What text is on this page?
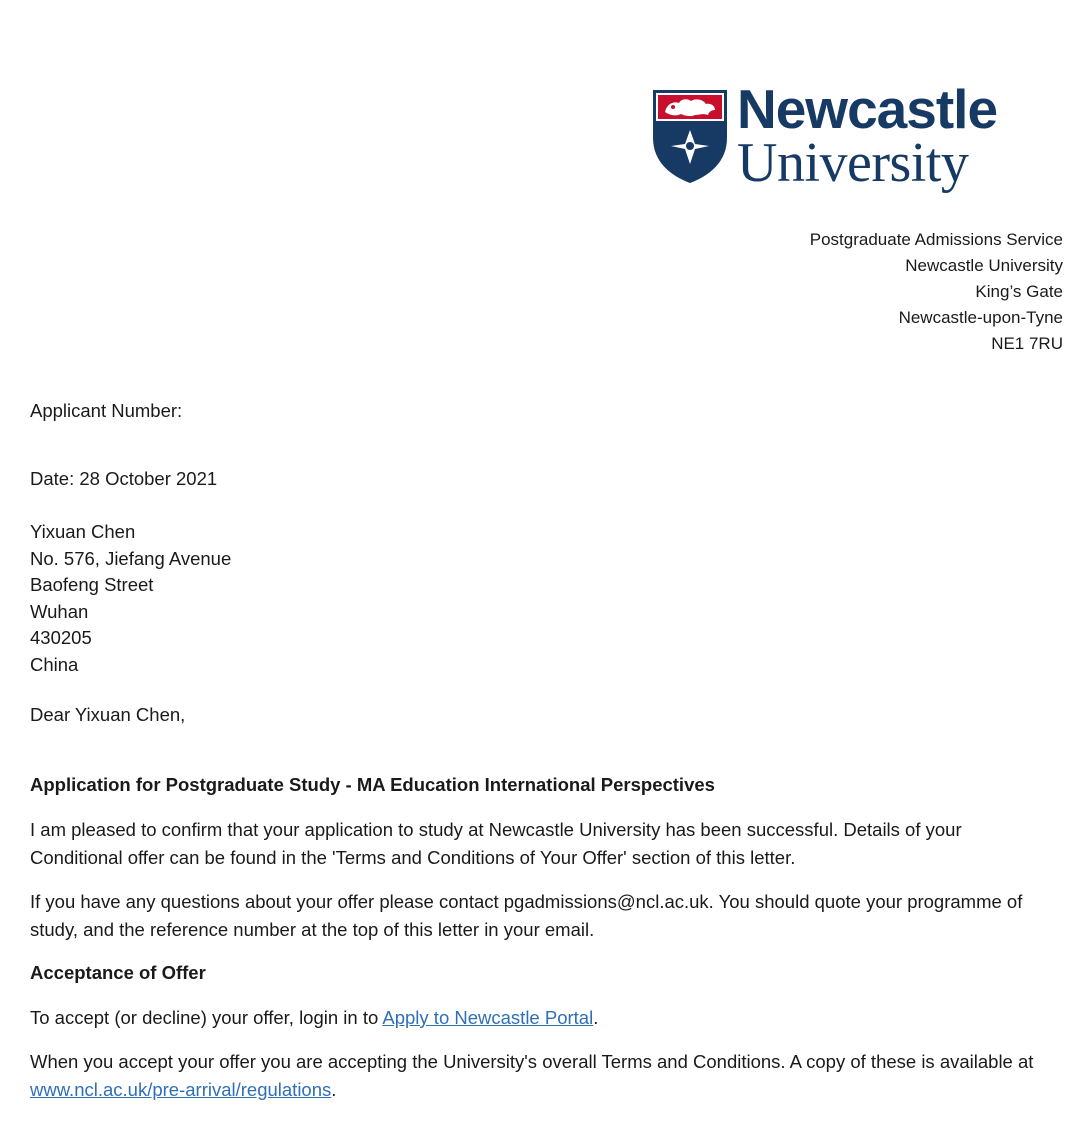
Newcastle
University
Postgraduate Admissions Service
Newcastle University
King’s Gate
Newcastle-upon-Tyne
NE1 7RU
Applicant Number:
Date: 28 October 2021
Yixuan Chen
No. 576, Jiefang Avenue
Baofeng Street
Wuhan
430205
China
Dear Yixuan Chen,
Application for Postgraduate Study - MA Education International Perspectives
I am pleased to confirm that your application to study at Newcastle University has been successful. Details of your Conditional offer can be found in the 'Terms and Conditions of Your Offer' section of this letter.
If you have any questions about your offer please contact pgadmissions@ncl.ac.uk. You should quote your programme of study, and the reference number at the top of this letter in your email.
Acceptance of Offer
To accept (or decline) your offer, login in to Apply to Newcastle Portal.
When you accept your offer you are accepting the University's overall Terms and Conditions. A copy of these is available at www.ncl.ac.uk/pre-arrival/regulations.
